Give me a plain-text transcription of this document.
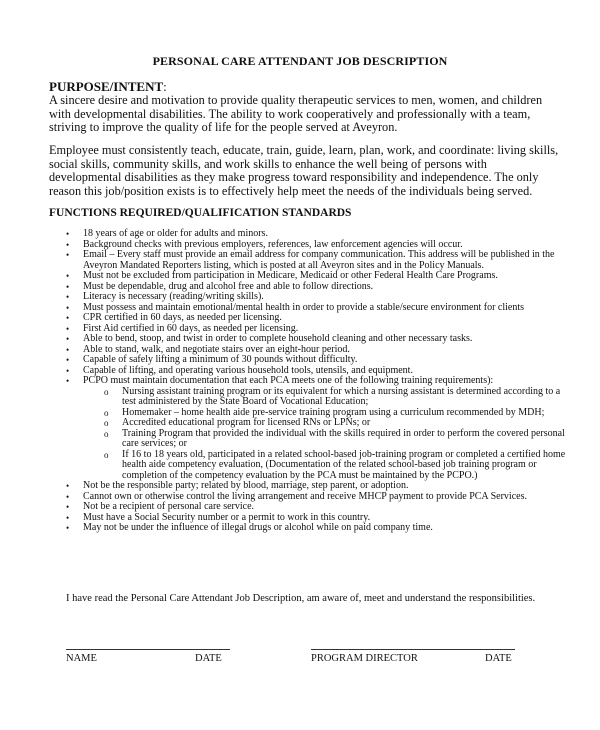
PERSONAL CARE ATTENDANT JOB DESCRIPTION
PURPOSE/INTENT:
A sincere desire and motivation to provide quality therapeutic services to men, women, and children with developmental disabilities. The ability to work cooperatively and professionally with a team, striving to improve the quality of life for the people served at Aveyron.
Employee must consistently teach, educate, train, guide, learn, plan, work, and coordinate: living skills, social skills, community skills, and work skills to enhance the well being of persons with developmental disabilities as they make progress toward responsibility and independence. The only reason this job/position exists is to effectively help meet the needs of the individuals being served.
FUNCTIONS REQUIRED/QUALIFICATION STANDARDS
• 18 years of age or older for adults and minors.
• Background checks with previous employers, references, law enforcement agencies will occur.
• Email – Every staff must provide an email address for company communication. This address will be published in the Aveyron Mandated Reporters listing, which is posted at all Aveyron sites and in the Policy Manuals.
• Must not be excluded from participation in Medicare, Medicaid or other Federal Health Care Programs.
• Must be dependable, drug and alcohol free and able to follow directions.
• Literacy is necessary (reading/writing skills).
• Must possess and maintain emotional/mental health in order to provide a stable/secure environment for clients
• CPR certified in 60 days, as needed per licensing.
• First Aid certified in 60 days, as needed per licensing.
• Able to bend, stoop, and twist in order to complete household cleaning and other necessary tasks.
• Able to stand, walk, and negotiate stairs over an eight-hour period.
• Capable of safely lifting a minimum of 30 pounds without difficulty.
• Capable of lifting, and operating various household tools, utensils, and equipment.
• PCPO must maintain documentation that each PCA meets one of the following training requirements):
o Nursing assistant training program or its equivalent for which a nursing assistant is determined according to a test administered by the State Board of Vocational Education;
o Homemaker – home health aide pre-service training program using a curriculum recommended by MDH;
o Accredited educational program for licensed RNs or LPNs; or
o Training Program that provided the individual with the skills required in order to perform the covered personal care services; or
o If 16 to 18 years old, participated in a related school-based job-training program or completed a certified home health aide competency evaluation, (Documentation of the related school-based job training program or completion of the competency evaluation by the PCA must be maintained by the PCPO.)
• Not be the responsible party; related by blood, marriage, step parent, or adoption.
• Cannot own or otherwise control the living arrangement and receive MHCP payment to provide PCA Services.
• Not be a recipient of personal care service.
• Must have a Social Security number or a permit to work in this country.
• May not be under the influence of illegal drugs or alcohol while on paid company time.
I have read the Personal Care Attendant Job Description, am aware of, meet and understand the responsibilities.
NAME	DATE	PROGRAM DIRECTOR	DATE
